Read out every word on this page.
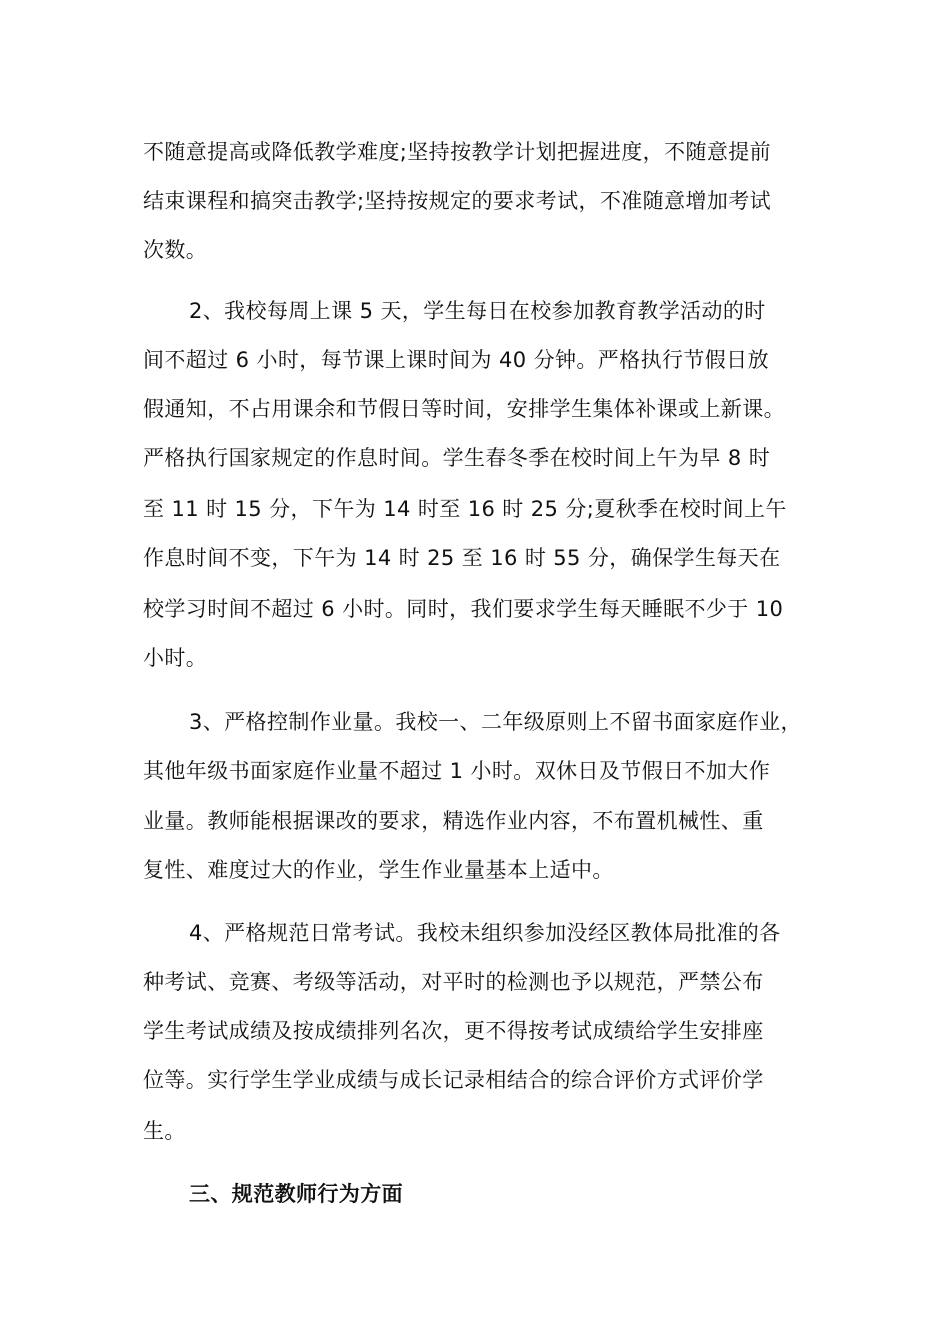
不随意提高或降低教学难度;坚持按教学计划把握进度，不随意提前
结束课程和搞突击教学;坚持按规定的要求考试，不准随意增加考试
次数。
2、我校每周上课 5 天，学生每日在校参加教育教学活动的时
间不超过 6 小时，每节课上课时间为 40 分钟。严格执行节假日放
假通知，不占用课余和节假日等时间，安排学生集体补课或上新课。
严格执行国家规定的作息时间。学生春冬季在校时间上午为早 8 时
至 11 时 15 分，下午为 14 时至 16 时 25 分;夏秋季在校时间上午
作息时间不变，下午为 14 时 25 至 16 时 55 分，确保学生每天在
校学习时间不超过 6 小时。同时，我们要求学生每天睡眠不少于 10
小时。
3、严格控制作业量。我校一、二年级原则上不留书面家庭作业，
其他年级书面家庭作业量不超过 1 小时。双休日及节假日不加大作
业量。教师能根据课改的要求，精选作业内容，不布置机械性、重
复性、难度过大的作业，学生作业量基本上适中。
4、严格规范日常考试。我校未组织参加没经区教体局批准的各
种考试、竞赛、考级等活动，对平时的检测也予以规范，严禁公布
学生考试成绩及按成绩排列名次，更不得按考试成绩给学生安排座
位等。实行学生学业成绩与成长记录相结合的综合评价方式评价学
生。
三、规范教师行为方面
